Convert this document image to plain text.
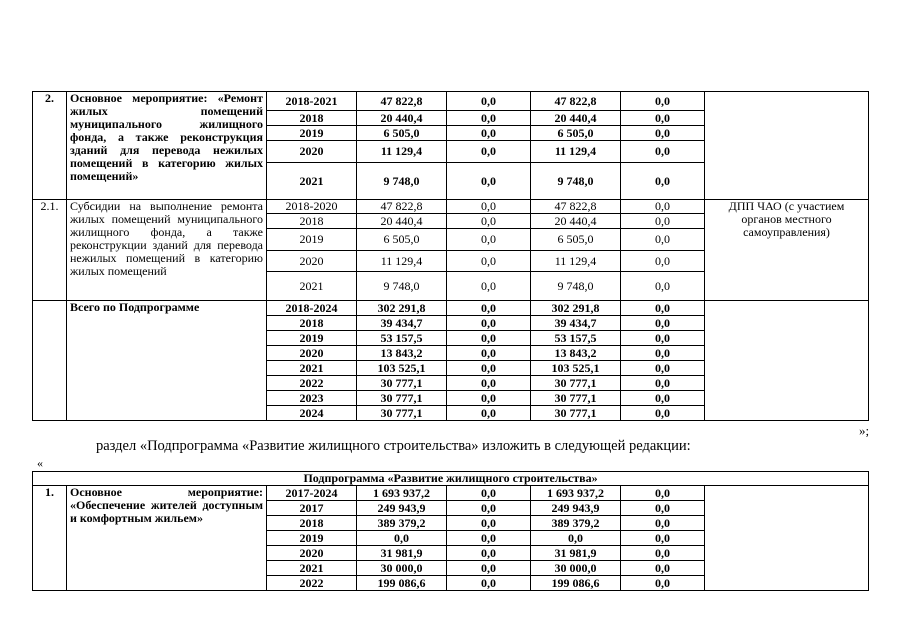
2.	Основное мероприятие: «Ремонт жилых помещений муниципального жилищного фонда, а также реконструкция зданий для перевода нежилых помещений в категорию жилых помещений»	2018-2021	47 822,8	0,0	47 822,8	0,0	
		2018	20 440,4	0,0	20 440,4	0,0	
		2019	6 505,0	0,0	6 505,0	0,0	
		2020	11 129,4	0,0	11 129,4	0,0	
		2021	9 748,0	0,0	9 748,0	0,0	
2.1.	Субсидии на выполнение ремонта жилых помещений муниципального жилищного фонда, а также реконструкции зданий для перевода нежилых помещений в категорию жилых помещений	2018-2020	47 822,8	0,0	47 822,8	0,0	ДПП ЧАО (с участием органов местного самоуправления)
		2018	20 440,4	0,0	20 440,4	0,0	
		2019	6 505,0	0,0	6 505,0	0,0	
		2020	11 129,4	0,0	11 129,4	0,0	
		2021	9 748,0	0,0	9 748,0	0,0	
	Всего по Подпрограмме	2018-2024	302 291,8	0,0	302 291,8	0,0	
		2018	39 434,7	0,0	39 434,7	0,0	
		2019	53 157,5	0,0	53 157,5	0,0	
		2020	13 843,2	0,0	13 843,2	0,0	
		2021	103 525,1	0,0	103 525,1	0,0	
		2022	30 777,1	0,0	30 777,1	0,0	
		2023	30 777,1	0,0	30 777,1	0,0	
		2024	30 777,1	0,0	30 777,1	0,0	
»;
раздел «Подпрограмма «Развитие жилищного строительства» изложить в следующей редакции:
«
Подпрограмма «Развитие жилищного строительства»							
1.	Основное мероприятие: «Обеспечение жителей доступным и комфортным жильем»	2017-2024	1 693 937,2	0,0	1 693 937,2	0,0	
		2017	249 943,9	0,0	249 943,9	0,0	
		2018	389 379,2	0,0	389 379,2	0,0	
		2019	0,0	0,0	0,0	0,0	
		2020	31 981,9	0,0	31 981,9	0,0	
		2021	30 000,0	0,0	30 000,0	0,0	
		2022	199 086,6	0,0	199 086,6	0,0	
